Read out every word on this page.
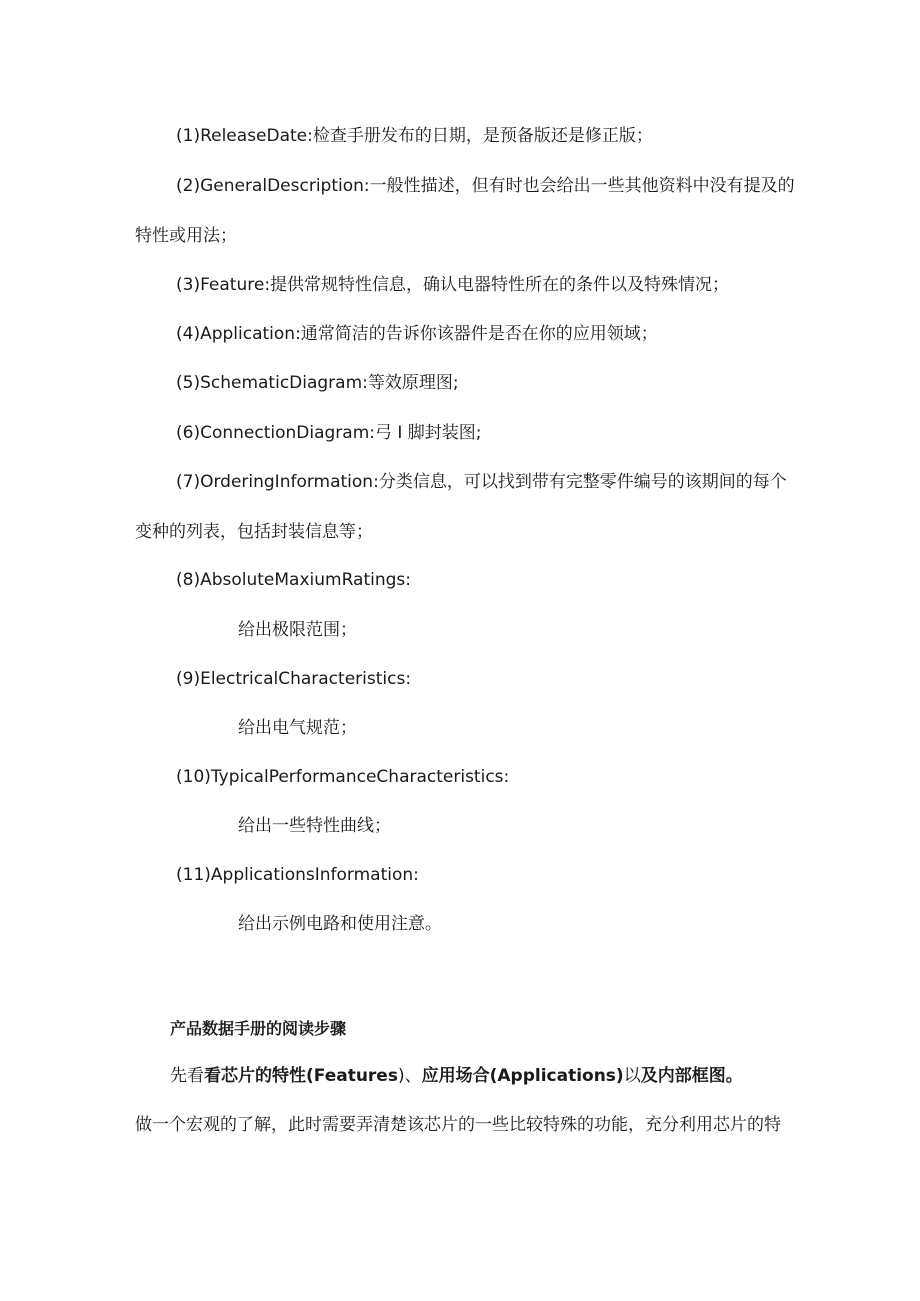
(1)ReleaseDate:检查手册发布的日期，是预备版还是修正版；
(2)GeneralDescription:一般性描述，但有时也会给出一些其他资料中没有提及的
特性或用法；
(3)Feature:提供常规特性信息，确认电器特性所在的条件以及特殊情况；
(4)Application:通常简洁的告诉你该器件是否在你的应用领域；
(5)SchematicDiagram:等效原理图;
(6)ConnectionDiagram:弓 I 脚封装图;
(7)OrderingInformation:分类信息，可以找到带有完整零件编号的该期间的每个
变种的列表，包括封装信息等；
(8)AbsoluteMaxiumRatings:
给出极限范围；
(9)ElectricalCharacteristics:
给出电气规范；
(10)TypicalPerformanceCharacteristics:
给出一些特性曲线；
(11)ApplicationsInformation:
给出示例电路和使用注意。
产品数据手册的阅读步骤
先看看芯片的特性(Features)、应用场合(Applications)以及内部框图。
做一个宏观的了解，此时需要弄清楚该芯片的一些比较特殊的功能，充分利用芯片的特
